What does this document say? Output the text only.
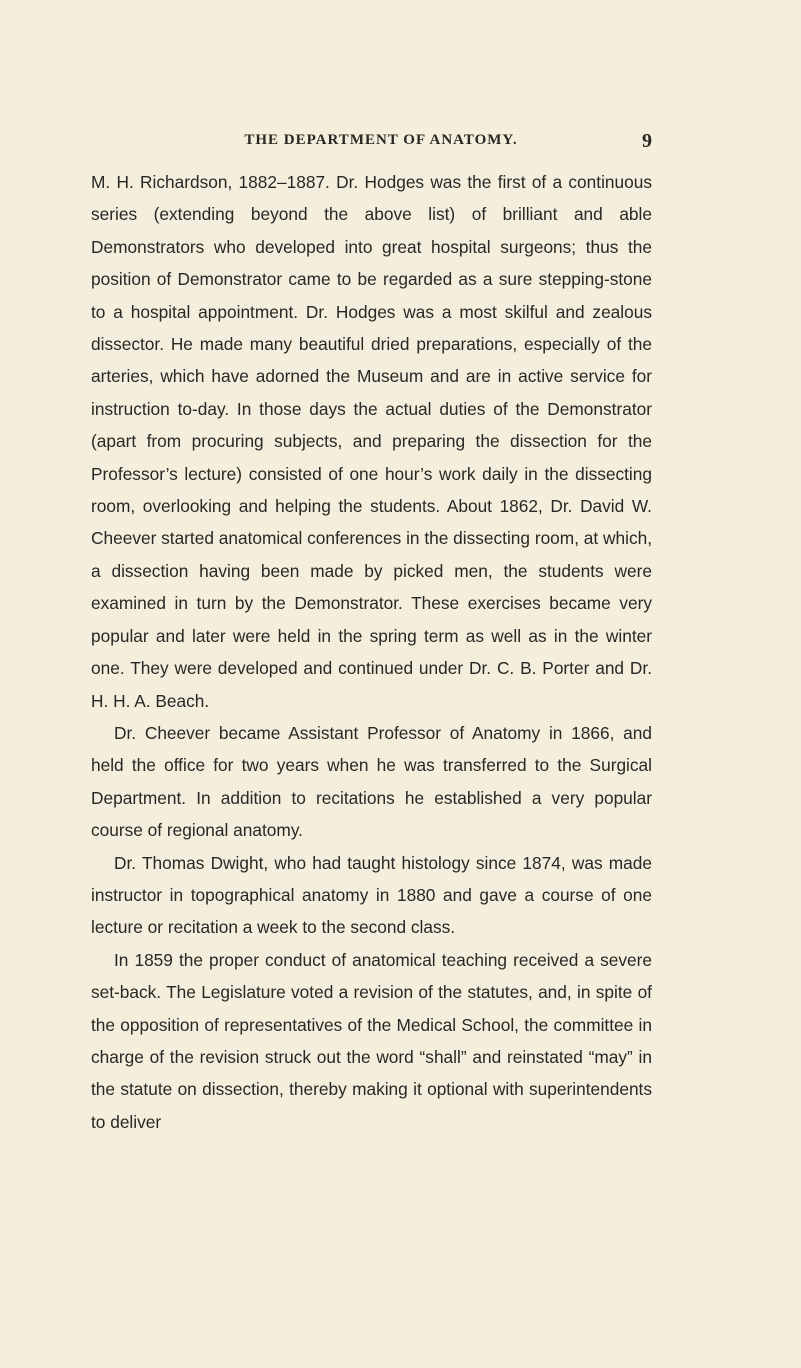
THE DEPARTMENT OF ANATOMY.	9

M. H. Richardson, 1882–1887. Dr. Hodges was the first of a continuous series (extending beyond the above list) of brilliant and able Demonstrators who developed into great hospital surgeons; thus the position of Demonstrator came to be regarded as a sure stepping-stone to a hospital appointment. Dr. Hodges was a most skilful and zealous dissector. He made many beautiful dried preparations, especially of the arteries, which have adorned the Museum and are in active service for instruction to-day. In those days the actual duties of the Demonstrator (apart from procuring subjects, and preparing the dissection for the Professor’s lecture) consisted of one hour’s work daily in the dissecting room, overlooking and helping the students. About 1862, Dr. David W. Cheever started anatomical conferences in the dissecting room, at which, a dissection having been made by picked men, the students were examined in turn by the Demonstrator. These exercises became very popular and later were held in the spring term as well as in the winter one. They were developed and continued under Dr. C. B. Porter and Dr. H. H. A. Beach.

Dr. Cheever became Assistant Professor of Anatomy in 1866, and held the office for two years when he was transferred to the Surgical Department. In addition to recitations he established a very popular course of regional anatomy.

Dr. Thomas Dwight, who had taught histology since 1874, was made instructor in topographical anatomy in 1880 and gave a course of one lecture or recitation a week to the second class.

In 1859 the proper conduct of anatomical teaching received a severe set-back. The Legislature voted a revision of the statutes, and, in spite of the opposition of representatives of the Medical School, the committee in charge of the revision struck out the word “shall” and reinstated “may” in the statute on dissection, thereby making it optional with superintendents to deliver
